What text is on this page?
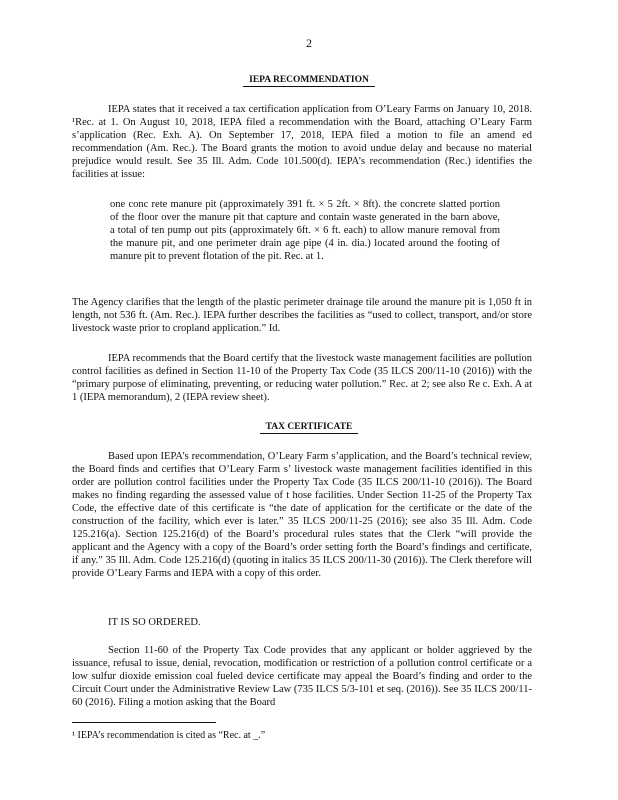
2
IEPA RECOMMENDATION

IEPA states that it received a tax certification application from O’Leary Farms on January 10, 2018. ¹Rec. at 1. On August 10, 2018, IEPA filed a recommendation with the Board, attaching O’Leary Farm s’application (Rec. Exh. A). On September 17, 2018, IEPA filed a motion to file an amend ed recommendation (Am. Rec.). The Board grants the motion to avoid undue delay and because no material prejudice would result. See 35 Ill. Adm. Code 101.500(d). IEPA’s recommendation (Rec.) identifies the facilities at issue:

one conc rete manure pit (approximately 391 ft. × 5 2ft. × 8ft). the concrete slatted portion of the floor over the manure pit that capture and contain waste generated in the barn above, a total of ten pump out pits (approximately 6ft. × 6 ft. each) to allow manure removal from the manure pit, and one perimeter drain age pipe (4 in. dia.) located around the footing of manure pit to prevent flotation of the pit. Rec. at 1.

The Agency clarifies that the length of the plastic perimeter drainage tile around the manure pit is 1,050 ft in length, not 536 ft. (Am. Rec.). IEPA further describes the facilities as “used to collect, transport, and/or store livestock waste prior to cropland application.” Id.

IEPA recommends that the Board certify that the livestock waste management facilities are pollution control facilities as defined in Section 11-10 of the Property Tax Code (35 ILCS 200/11-10 (2016)) with the “primary purpose of eliminating, preventing, or reducing water pollution.” Rec. at 2; see also Re c. Exh. A at 1 (IEPA memorandum), 2 (IEPA review sheet).

TAX CERTIFICATE

Based upon IEPA’s recommendation, O’Leary Farm s’application, and the Board’s technical review, the Board finds and certifies that O’Leary Farm s’ livestock waste management facilities identified in this order are pollution control facilities under the Property Tax Code (35 ILCS 200/11-10 (2016)). The Board makes no finding regarding the assessed value of t hose facilities. Under Section 11-25 of the Property Tax Code, the effective date of this certificate is “the date of application for the certificate or the date of the construction of the facility, which ever is later.” 35 ILCS 200/11-25 (2016); see also 35 Ill. Adm. Code 125.216(a). Section 125.216(d) of the Board’s procedural rules states that the Clerk “will provide the applicant and the Agency with a copy of the Board’s order setting forth the Board’s findings and certificate, if any.” 35 Ill. Adm. Code 125.216(d) (quoting in italics 35 ILCS 200/11-30 (2016)). The Clerk therefore will provide O’Leary Farms and IEPA with a copy of this order.

IT IS SO ORDERED.

Section 11-60 of the Property Tax Code provides that any applicant or holder aggrieved by the issuance, refusal to issue, denial, revocation, modification or restriction of a pollution control certificate or a low sulfur dioxide emission coal fueled device certificate may appeal the Board’s finding and order to the Circuit Court under the Administrative Review Law (735 ILCS 5/3-101 et seq. (2016)). See 35 ILCS 200/11-60 (2016). Filing a motion asking that the Board

¹ IEPA’s recommendation is cited as “Rec. at _.”
